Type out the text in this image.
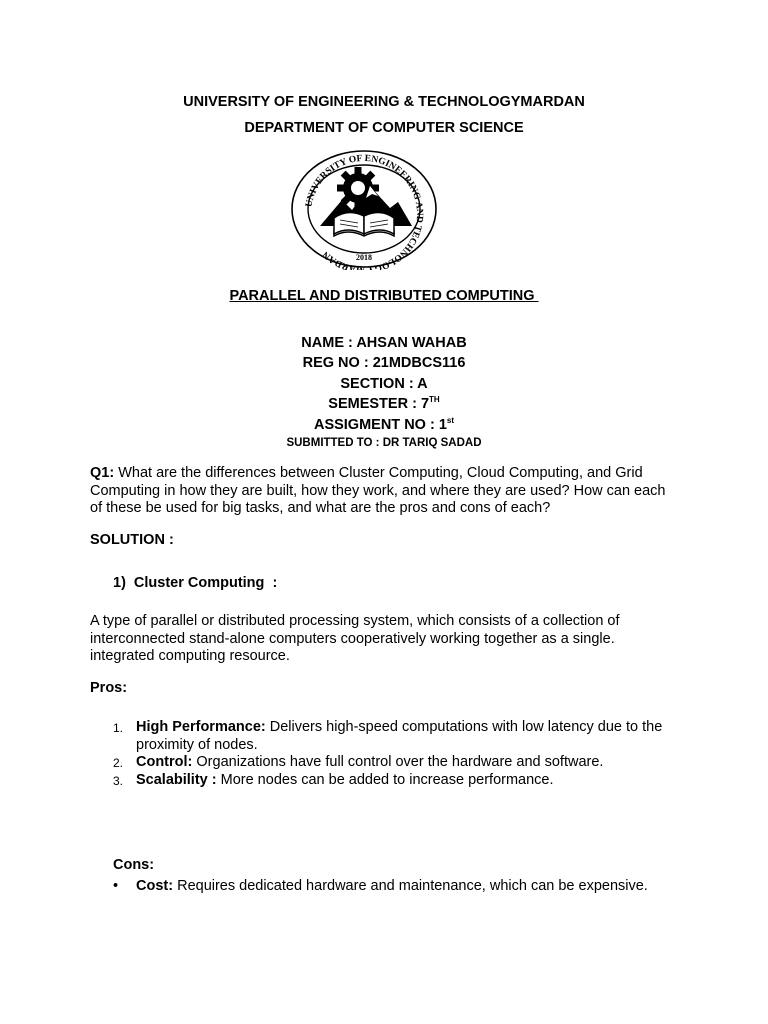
UNIVERSITY OF ENGINEERING & TECHNOLOGYMARDAN
DEPARTMENT OF COMPUTER SCIENCE
UNIVERSITY OF ENGINEERING AND TECHNOLOGY MARDAN	2018
PARALLEL AND DISTRIBUTED COMPUTING
NAME : AHSAN WAHAB
REG NO : 21MDBCS116
SECTION : A
SEMESTER : 7TH
ASSIGMENT NO : 1st
SUBMITTED TO : DR TARIQ SADAD
Q1: What are the differences between Cluster Computing, Cloud Computing, and Grid Computing in how they are built, how they work, and where they are used? How can each of these be used for big tasks, and what are the pros and cons of each?
SOLUTION :
1) Cluster Computing  :
A type of parallel or distributed processing system, which consists of a collection of interconnected stand-alone computers cooperatively working together as a single. integrated computing resource.
Pros:
1. High Performance: Delivers high-speed computations with low latency due to the proximity of nodes.
2. Control: Organizations have full control over the hardware and software.
3. Scalability : More nodes can be added to increase performance.
Cons:
• Cost: Requires dedicated hardware and maintenance, which can be expensive.
